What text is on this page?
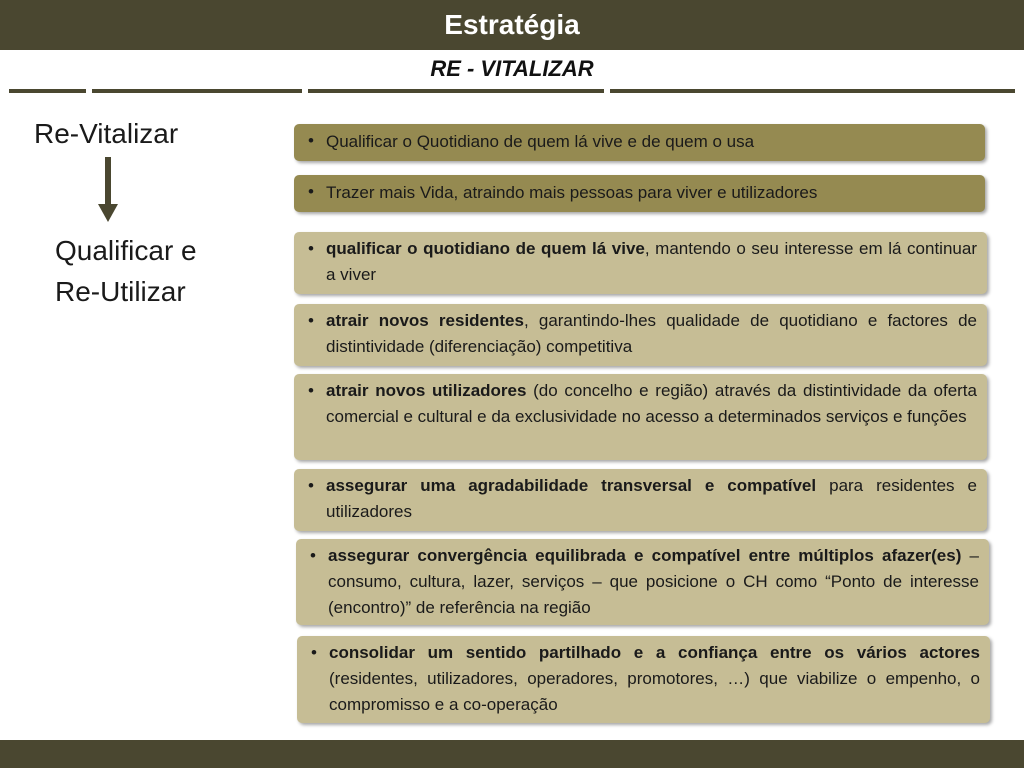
Estratégia
RE - VITALIZAR
Re-Vitalizar
Qualificar e
Re-Utilizar
• Qualificar o Quotidiano de quem lá vive e de quem o usa
• Trazer mais Vida, atraindo mais pessoas para viver e utilizadores
• qualificar o quotidiano de quem lá vive, mantendo o seu interesse em lá continuar a viver
• atrair novos residentes, garantindo-lhes qualidade de quotidiano e factores de distintividade (diferenciação) competitiva
• atrair novos utilizadores (do concelho e região) através da distintividade da oferta comercial e cultural e da exclusividade no acesso a determinados serviços e funções
• assegurar uma agradabilidade transversal e compatível para residentes e utilizadores
• assegurar convergência equilibrada e compatível entre múltiplos afazer(es) – consumo, cultura, lazer, serviços – que posicione o CH como “Ponto de interesse (encontro)” de referência na região
• consolidar um sentido partilhado e a confiança entre os vários actores (residentes, utilizadores, operadores, promotores, …) que viabilize o empenho, o compromisso e a co-operação
